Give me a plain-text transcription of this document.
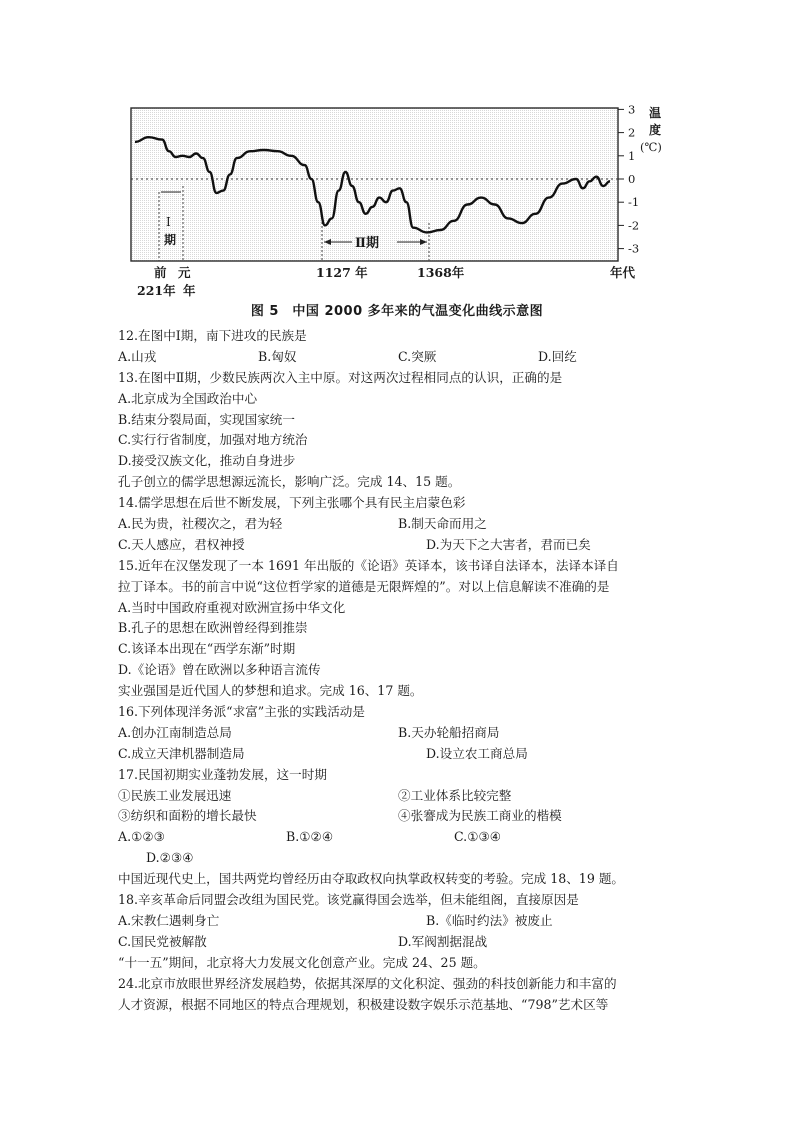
Ⅰ
期	Ⅱ期
3
2
1
0
-1
-2
-3
温
度
(℃)
前 元
221年 年
1127 年	1368年	年代
图 5　中国 2000 多年来的气温变化曲线示意图
12.在图中Ⅰ期，南下进攻的民族是
A.山戎	B.匈奴	C.突厥	D.回纥
13.在图中Ⅱ期，少数民族两次入主中原。对这两次过程相同点的认识，正确的是
A.北京成为全国政治中心
B.结束分裂局面，实现国家统一
C.实行行省制度，加强对地方统治
D.接受汉族文化，推动自身进步
孔子创立的儒学思想源远流长，影响广泛。完成 14、15 题。
14.儒学思想在后世不断发展，下列主张哪个具有民主启蒙色彩
A.民为贵，社稷次之，君为轻	B.制天命而用之
C.天人感应，君权神授	D.为天下之大害者，君而已矣
15.近年在汉堡发现了一本 1691 年出版的《论语》英译本，该书译自法译本，法译本译自
拉丁译本。书的前言中说“这位哲学家的道德是无限辉煌的”。对以上信息解读不准确的是
A.当时中国政府重视对欧洲宣扬中华文化
B.孔子的思想在欧洲曾经得到推崇
C.该译本出现在“西学东渐”时期
D.《论语》曾在欧洲以多种语言流传
实业强国是近代国人的梦想和追求。完成 16、17 题。
16.下列体现洋务派“求富”主张的实践活动是
A.创办江南制造总局	B.天办轮船招商局
C.成立天津机器制造局	D.设立农工商总局
17.民国初期实业蓬勃发展，这一时期
①民族工业发展迅速	②工业体系比较完整
③纺织和面粉的增长最快	④张謇成为民族工商业的楷模
A.①②③	B.①②④	C.①③④
D.②③④
中国近现代史上，国共两党均曾经历由夺取政权向执掌政权转变的考验。完成 18、19 题。
18.辛亥革命后同盟会改组为国民党。该党赢得国会选举，但未能组阁，直接原因是
A.宋教仁遇刺身亡	B.《临时约法》被废止
C.国民党被解散	D.军阀割据混战
“十一五”期间，北京将大力发展文化创意产业。完成 24、25 题。
24.北京市放眼世界经济发展趋势，依据其深厚的文化积淀、强劲的科技创新能力和丰富的
人才资源，根据不同地区的特点合理规划，积极建设数字娱乐示范基地、“798”艺术区等
